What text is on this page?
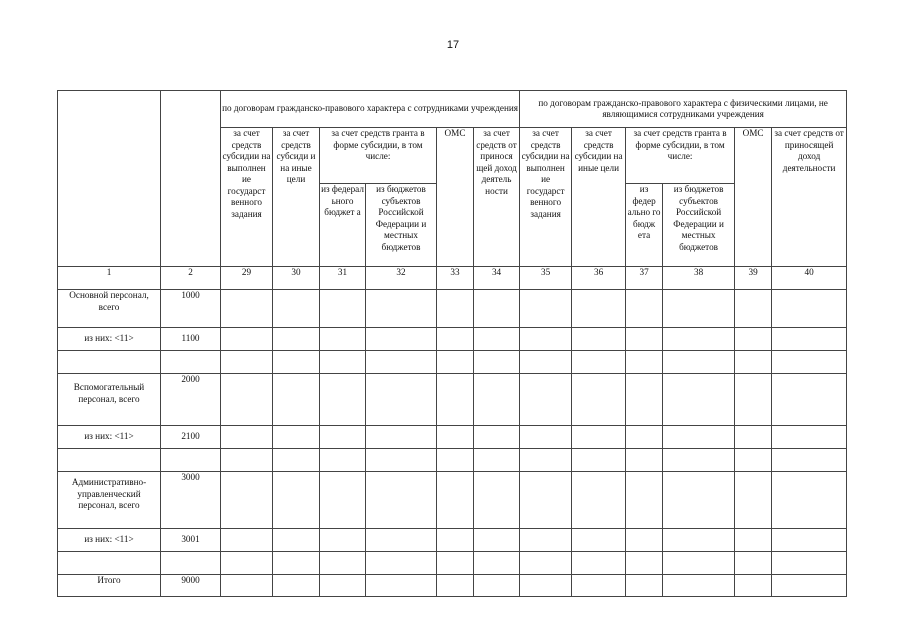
17
		по договорам гражданско-правового характера с сотрудниками учреждения						по договорам гражданско-правового характера с физическими лицами, не являющимися сотрудниками учреждения					
		за счет средств субсидии на выполнен ие государст венного задания	за счет средств субсиди и на иные цели	за счет средств гранта в форме субсидии, в том числе:		ОМС	за счет средств от принося щей доход деятель ности	за счет средств субсидии на выполнен ие государст венного задания	за счет средств субсидии на иные цели	за счет средств гранта в форме субсидии, в том числе:		ОМС	за счет средств от приносящей доход деятельности
				из федерал ьного бюджет а	из бюджетов субъектов Российской Федерации и местных бюджетов					из федер ально го бюдж ета	из бюджетов субъектов Российской Федерации и местных бюджетов		
1	2	29	30	31	32	33	34	35	36	37	38	39	40
Основной персонал, всего	1000												
из них: <11>	1100												

Вспомогательный персонал, всего	2000												
из них: <11>	2100												

Административно-управленческий персонал, всего	3000												
из них: <11>	3001												

Итого	9000												
